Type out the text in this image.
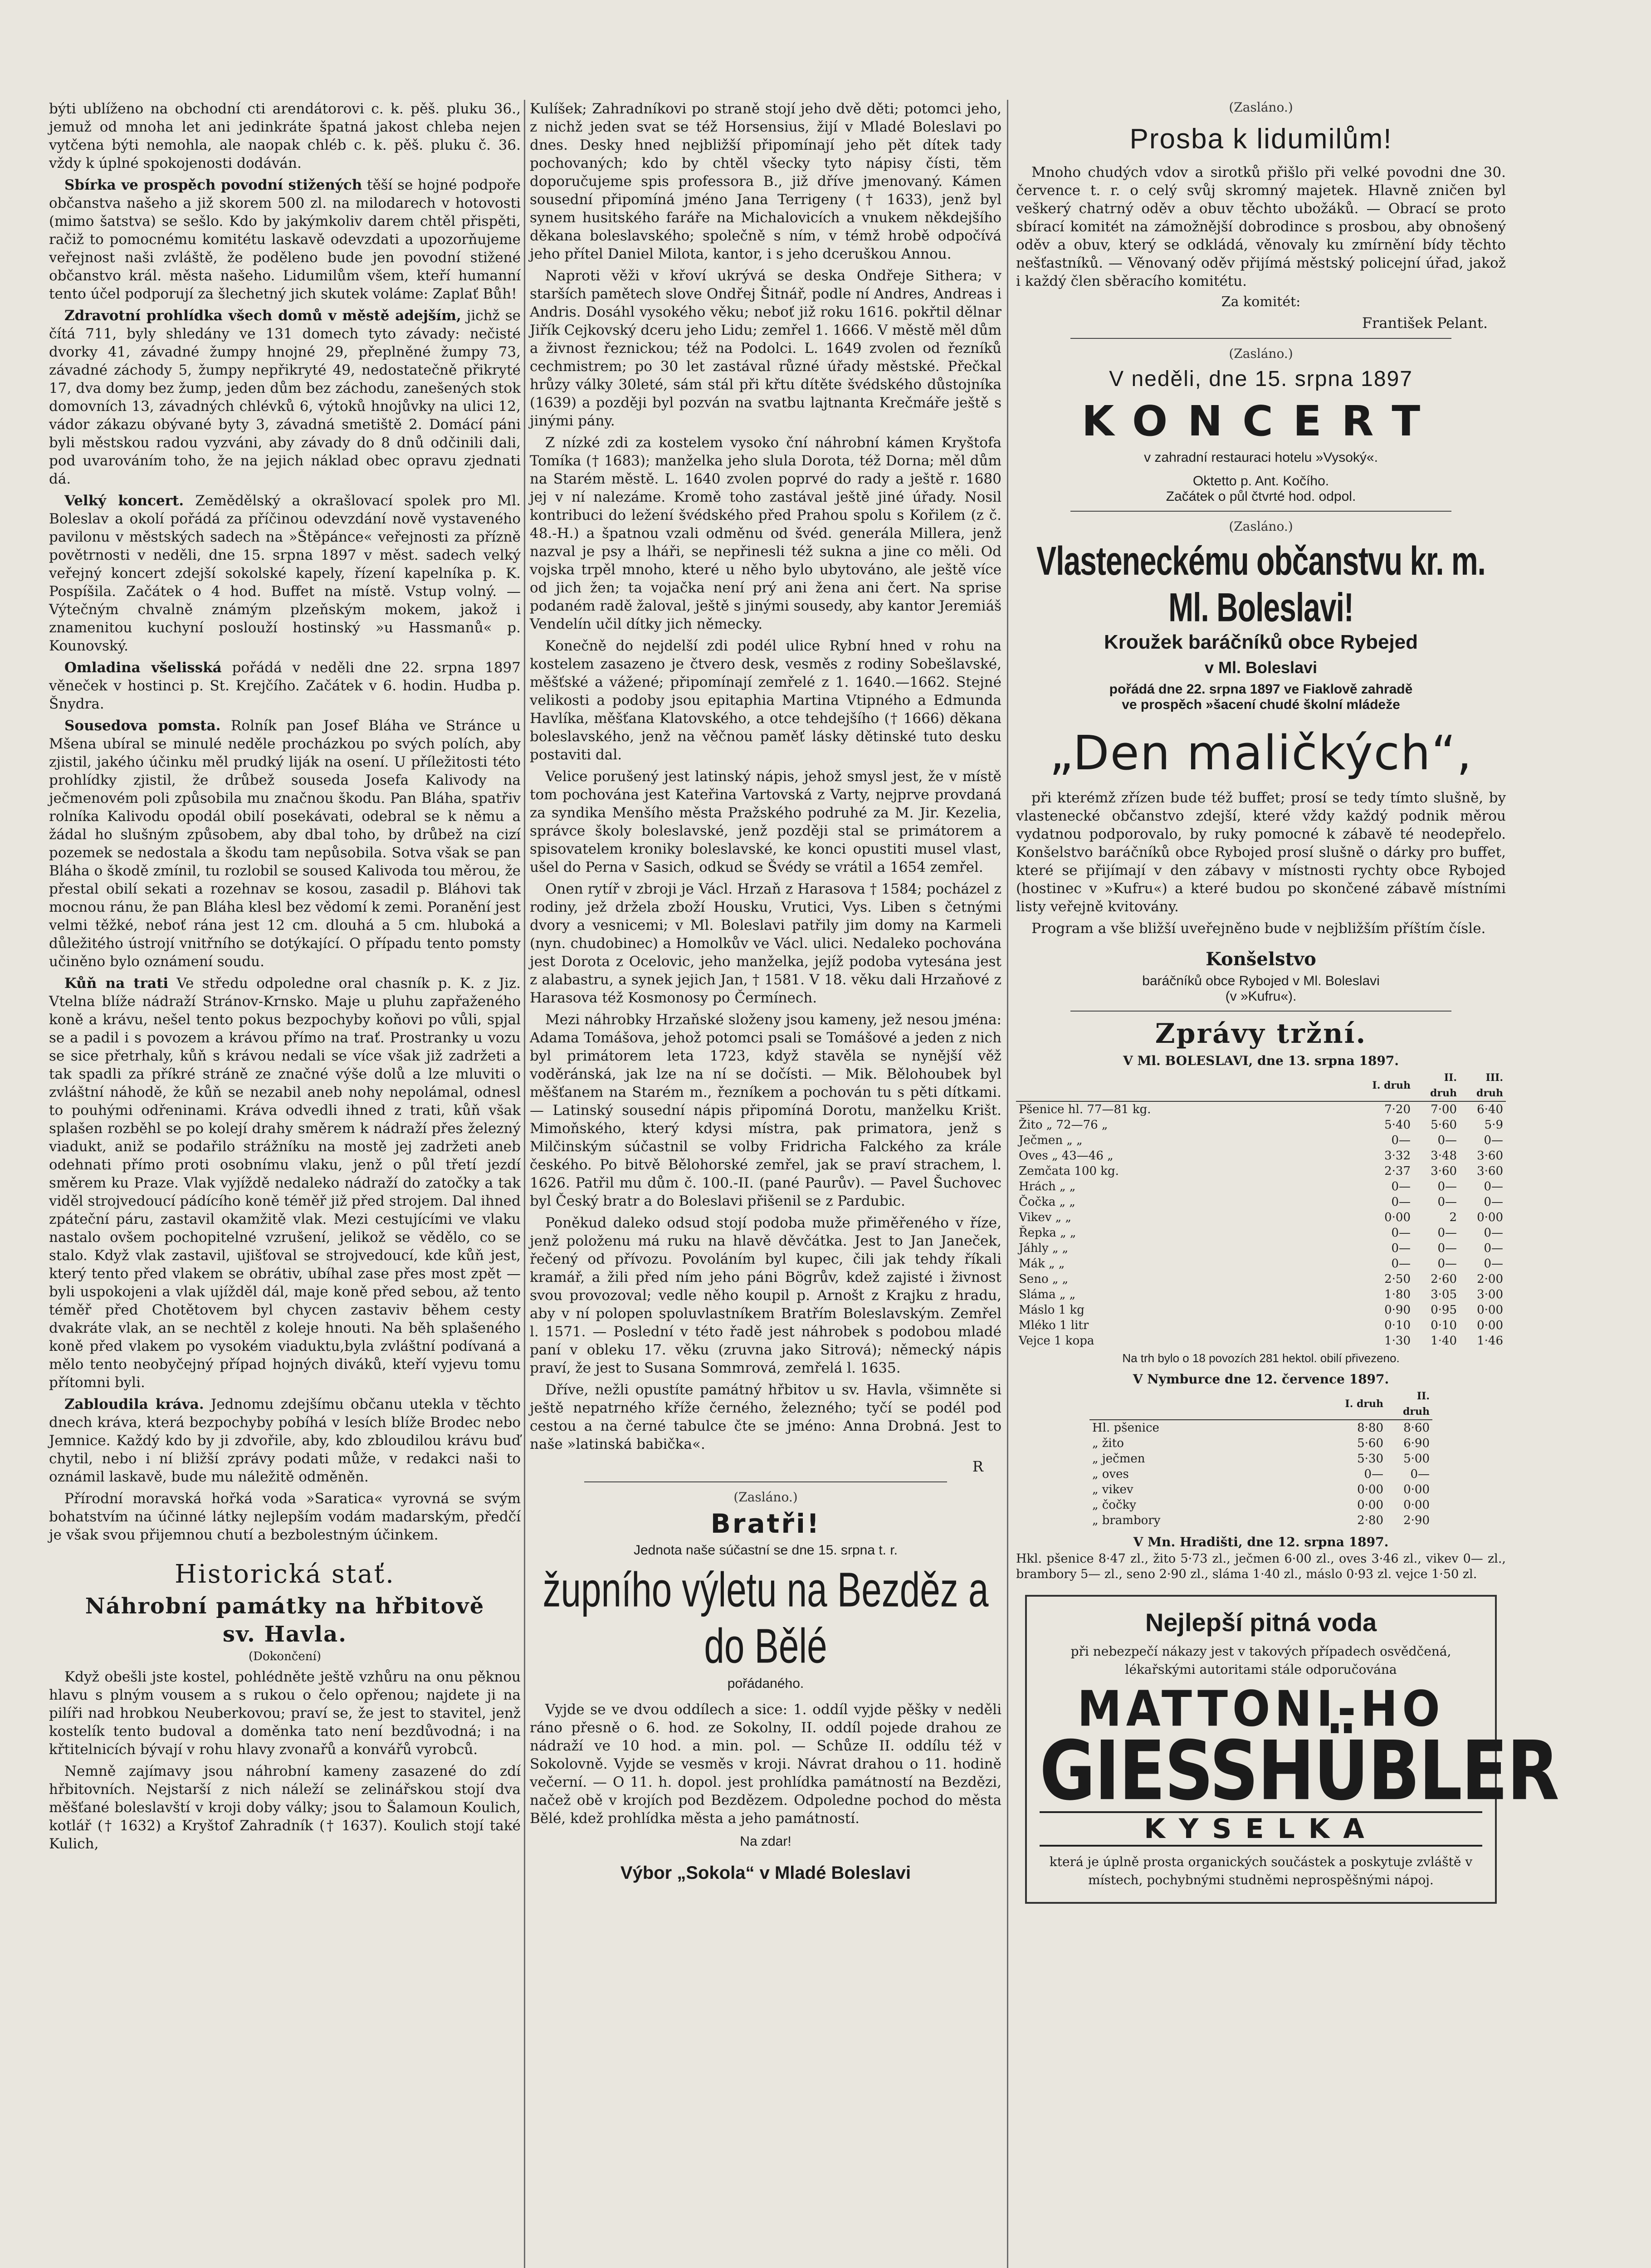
býti ublíženo na obchodní cti arendátorovi c. k. pěš. pluku 36., jemuž od mnoha let ani jedinkráte špatná jakost chleba nejen vytčena býti nemohla, ale naopak chléb c. k. pěš. pluku č. 36. vždy k úplné spokojenosti dodáván.

Sbírka ve prospěch povodní stižených těší se hojné podpoře občanstva našeho a již skorem 500 zl. na milodarech v hotovosti (mimo šatstva) se sešlo. Kdo by jakýmkoliv darem chtěl přispěti, račiž to pomocnému komitétu laskavě odevzdati a upozorňujeme veřejnost naši zvláště, že poděleno bude jen povodní stižené občanstvo král. města našeho. Lidumilům všem, kteří humanní tento účel podporují za šlechetný jich skutek voláme: Zaplať Bůh!

Zdravotní prohlídka všech domů v městě adejším, jichž se čítá 711, byly shledány ve 131 domech tyto závady: nečisté dvorky 41, závadné žumpy hnojné 29, přeplněné žumpy 73, závadné záchody 5, žumpy nepřikryté 49, nedostatečně přikryté 17, dva domy bez žump, jeden dům bez záchodu, zanešených stok domovních 13, závadných chlévků 6, výtoků hnojůvky na ulici 12, vádor zákazu obývané byty 3, závadná smetiště 2. Domácí páni byli městskou radou vyzváni, aby závady do 8 dnů odčinili dali, pod uvarováním toho, že na jejich náklad obec opravu zjednati dá.

Velký koncert. Zemědělský a okrašlovací spolek pro Ml. Boleslav a okolí pořádá za příčinou odevzdání nově vystaveného pavilonu v městských sadech na »Štěpánce« veřejnosti za přízně povětrnosti v neděli, dne 15. srpna 1897 v měst. sadech velký veřejný koncert zdejší sokolské kapely, řízení kapelníka p. K. Pospíšila. Začátek o 4 hod. Buffet na místě. Vstup volný. — Výtečným chvalně známým plzeňským mokem, jakož i znamenitou kuchyní poslouží hostinský »u Hassmanů« p. Kounovský.

Omladina všelisská pořádá v neděli dne 22. srpna 1897 věneček v hostinci p. St. Krejčího. Začátek v 6. hodin. Hudba p. Šnydra.

Sousedova pomsta. Rolník pan Josef Bláha ve Stránce u Mšena ubíral se minulé neděle procházkou po svých polích, aby zjistil, jakého účinku měl prudký liják na osení. U příležitosti této prohlídky zjistil, že drůbež souseda Josefa Kalivody na ječmenovém poli způsobila mu značnou škodu. Pan Bláha, spatřiv rolníka Kalivodu opodál obilí posekávati, odebral se k němu a žádal ho slušným způsobem, aby dbal toho, by drůbež na cizí pozemek se nedostala a škodu tam nepůsobila. Sotva však se pan Bláha o škodě zmínil, tu rozlobil se soused Kalivoda tou měrou, že přestal obilí sekati a rozehnav se kosou, zasadil p. Bláhovi tak mocnou ránu, že pan Bláha klesl bez vědomí k zemi. Poranění jest velmi těžké, neboť rána jest 12 cm. dlouhá a 5 cm. hluboká a důležitého ústrojí vnitřního se dotýkající. O případu tento pomsty učiněno bylo oznámení soudu.

Kůň na trati Ve středu odpoledne oral chasník p. K. z Jiz. Vtelna blíže nádraží Stránov-Krnsko. Maje u pluhu zapřaženého koně a krávu, nešel tento pokus bezpochyby koňovi po vůli, spjal se a padil i s povozem a krávou přímo na trať. Prostranky u vozu se sice přetrhaly, kůň s krávou nedali se více však již zadržeti a tak spadli za příkré stráně ze značné výše dolů a lze mluviti o zvláštní náhodě, že kůň se nezabil aneb nohy nepolámal, odnesl to pouhými odřeninami. Kráva odvedli ihned z trati, kůň však splašen rozběhl se po kolejí drahy směrem k nádraží přes železný viadukt, aniž se podařilo strážníku na mostě jej zadržeti aneb odehnati přímo proti osobnímu vlaku, jenž o půl třetí jezdí směrem ku Praze. Vlak vyjíždě nedaleko nádraží do zatočky a tak viděl strojvedoucí pádícího koně téměř již před strojem. Dal ihned zpáteční páru, zastavil okamžitě vlak. Mezi cestujícími ve vlaku nastalo ovšem pochopitelné vzrušení, jelikož se vědělo, co se stalo. Když vlak zastavil, ujišťoval se strojvedoucí, kde kůň jest, který tento před vlakem se obrátiv, ubíhal zase přes most zpět — byli uspokojeni a vlak ujížděl dál, maje koně před sebou, až tento téměř před Chotětovem byl chycen zastaviv během cesty dvakráte vlak, an se nechtěl z koleje hnouti. Na běh splašeného koně před vlakem po vysokém viaduktu,byla zvláštní podívaná a mělo tento neobyčejný případ hojných diváků, kteří vyjevu tomu přítomni byli.

Zabloudila kráva. Jednomu zdejšímu občanu utekla v těchto dnech kráva, která bezpochyby pobíhá v lesích blíže Brodec nebo Jemnice. Každý kdo by ji zdvořile, aby, kdo zbloudilou krávu buď chytil, nebo i ní bližší zprávy podati může, v redakci naši to oznámil laskavě, bude mu náležitě odměněn.

Přírodní moravská hořká voda »Saratica« vyrovná se svým bohatstvím na účinné látky nejlepším vodám madarským, předčí je však svou přijemnou chutí a bezbolestným účinkem.

Historická stať.
Náhrobní památky na hřbitově
sv. Havla.
(Dokončení)

Když obešli jste kostel, pohlédněte ještě vzhůru na onu pěknou hlavu s plným vousem a s rukou o čelo opřenou; najdete ji na pilíři nad hrobkou Neuberkovou; praví se, že jest to stavitel, jenž kostelík tento budoval a doměnka tato není bezdůvodná; i na křtitelnicích bývají v rohu hlavy zvonařů a konvářů vyrobců.

Nemně zajímavy jsou náhrobní kameny zasazené do zdí hřbitovních. Nejstarší z nich náleží se zelinářskou stojí dva měšťané boleslavští v kroji doby války; jsou to Šalamoun Koulich, kotlář († 1632) a Kryštof Zahradník († 1637). Koulich stojí také Kulich,

Kulíšek; Zahradníkovi po straně stojí jeho dvě děti; potomci jeho, z nichž jeden svat se též Horsensius, žijí v Mladé Boleslavi po dnes. Desky hned nejbližší připomínají jeho pět dítek tady pochovaných; kdo by chtěl všecky tyto nápisy čísti, těm doporučujeme spis professora B., již dříve jmenovaný. Kámen sousední připomíná jméno Jana Terrigeny († 1633), jenž byl synem husitského faráře na Michalovicích a vnukem někdejšího děkana boleslavského; společně s ním, v témž hrobě odpočívá jeho přítel Daniel Milota, kantor, i s jeho dceruškou Annou.

Naproti věži v křoví ukrývá se deska Ondřeje Sithera; v starších pamětech slove Ondřej Šitnář, podle ní Andres, Andreas i Andris. Dosáhl vysokého věku; neboť již roku 1616. pokřtil dělnar Jiřík Cejkovský dceru jeho Lidu; zemřel 1. 1666. V městě měl dům a živnost řeznickou; též na Podolci. L. 1649 zvolen od řezníků cechmistrem; po 30 let zastával různé úřady městské. Přečkal hrůzy války 30leté, sám stál při křtu dítěte švédského důstojníka (1639) a později byl pozván na svatbu lajtnanta Krečmáře ještě s jinými pány.

Z nízké zdi za kostelem vysoko ční náhrobní kámen Kryštofa Tomíka († 1683); manželka jeho slula Dorota, též Dorna; měl dům na Starém městě. L. 1640 zvolen poprvé do rady a ještě r. 1680 jej v ní nalezáme. Kromě toho zastával ještě jiné úřady. Nosil kontribuci do ležení švédského před Prahou spolu s Kořilem (z č. 48.-H.) a špatnou vzali odměnu od švéd. generála Millera, jenž nazval je psy a lháři, se nepřinesli též sukna a jine co měli. Od vojska trpěl mnoho, které u něho bylo ubytováno, ale ještě více od jich žen; ta vojačka není prý ani žena ani čert. Na sprise podaném radě žaloval, ještě s jinými sousedy, aby kantor Jeremiáš Vendelín učil dítky jich německy.

Konečně do nejdelší zdi podél ulice Rybní hned v rohu na kostelem zasazeno je čtvero desk, vesměs z rodiny Sobešlavské, měšťské a vážené; připomínají zemřelé z 1. 1640.—1662. Stejné velikosti a podoby jsou epitaphia Martina Vtipného a Edmunda Havlíka, měšťana Klatovského, a otce tehdejšího († 1666) děkana boleslavského, jenž na věčnou paměť lásky dětinské tuto desku postaviti dal.

Velice porušený jest latinský nápis, jehož smysl jest, že v místě tom pochována jest Kateřina Vartovská z Varty, nejprve provdaná za syndika Menšího města Pražského podruhé za M. Jir. Kezelia, správce školy boleslavské, jenž později stal se primátorem a spisovatelem kroniky boleslavské, ke konci opustiti musel vlast, ušel do Perna v Sasich, odkud se Švédy se vrátil a 1654 zemřel.

Onen rytíř v zbroji je Václ. Hrzaň z Harasova † 1584; pocházel z rodiny, jež držela zboží Housku, Vrutici, Vys. Liben s četnými dvory a vesnicemi; v Ml. Boleslavi patřily jim domy na Karmeli (nyn. chudobinec) a Homolkův ve Václ. ulici. Nedaleko pochována jest Dorota z Ocelovic, jeho manželka, jejíž podoba vytesána jest z alabastru, a synek jejich Jan, † 1581. V 18. věku dali Hrzaňové z Harasova též Kosmonosy po Čermínech.

Mezi náhrobky Hrzaňské složeny jsou kameny, jež nesou jména: Adama Tomášova, jehož potomci psali se Tomášové a jeden z nich byl primátorem leta 1723, když stavěla se nynější věž voděránská, jak lze na ní se dočísti. — Mik. Bělohoubek byl měšťanem na Starém m., řezníkem a pochován tu s pěti dítkami. — Latinský sousední nápis připomíná Dorotu, manželku Krišt. Mimoňského, který kdysi místra, pak primatora, jenž s Milčinským súčastnil se volby Fridricha Falckého za krále českého. Po bitvě Bělohorské zemřel, jak se praví strachem, l. 1626. Patřil mu dům č. 100.-II. (pané Paurův). — Pavel Šuchovec byl Český bratr a do Boleslavi přišenil se z Pardubic.

Poněkud daleko odsud stojí podoba muže přiměřeného v říze, jenž položenu má ruku na hlavě děvčátka. Jest to Jan Janeček, řečený od přívozu. Povoláním byl kupec, čili jak tehdy říkali kramář, a žili před ním jeho páni Bögrův, kdež zajisté i živnost svou provozoval; vedle něho koupil p. Arnošt z Krajku z hradu, aby v ní polopen spoluvlastníkem Bratřím Boleslavským. Zemřel l. 1571. — Poslední v této řadě jest náhrobek s podobou mladé paní v obleku 17. věku (zruvna jako Sitrová); německý nápis praví, že jest to Susana Sommrová, zemřelá l. 1635.

Dříve, nežli opustíte památný hřbitov u sv. Havla, všimněte si ještě nepatrného kříže černého, železného; tyčí se podél pod cestou a na černé tabulce čte se jméno: Anna Drobná. Jest to naše »latinská babička«.

R
(Zasláno.)
Bratři!
Jednota naše súčastní se dne 15. srpna t. r.
župního výletu na Bezděz a do Bělé
pořádaného.

Vyjde se ve dvou oddílech a sice: 1. oddíl vyjde pěšky v neděli ráno přesně o 6. hod. ze Sokolny, II. oddíl pojede drahou ze nádraží ve 10 hod. a min. pol. — Schůze II. oddílu též v Sokolovně. Vyjde se vesměs v kroji. Návrat drahou o 11. hodině večerní. — O 11. h. dopol. jest prohlídka památností na Bezdězi, načež obě v krojích pod Bezdězem. Odpoledne pochod do města Bělé, kdež prohlídka města a jeho památností.

Na zdar!
Výbor „Sokola“ v Mladé Boleslavi
(Zasláno.)
Prosba k lidumilům!

Mnoho chudých vdov a sirotků přišlo při velké povodni dne 30. července t. r. o celý svůj skromný majetek. Hlavně zničen byl veškerý chatrný oděv a obuv těchto ubožáků. — Obrací se proto sbírací komitét na zámožnější dobrodince s prosbou, aby obnošený oděv a obuv, který se odkládá, věnovaly ku zmírnění bídy těchto nešťastníků. — Věnovaný oděv přijímá městský policejní úřad, jakož i každý člen sběracího komitétu.

Za komitét:
František Pelant.
(Zasláno.)
V neděli, dne 15. srpna 1897
KONCERT
v zahradní restauraci hotelu »Vysoký«.
Oktetto p. Ant. Kočího.
Začátek o půl čtvrté hod. odpol.
(Zasláno.)
Vlasteneckému občanstvu kr. m. Ml. Boleslavi!
Kroužek baráčníků obce Rybejed
v Ml. Boleslavi
pořádá dne 22. srpna 1897 ve Fiaklově zahradě
ve prospěch »šacení chudé školní mládeže
„Den maličkých“,

při kterémž zřízen bude též buffet; prosí se tedy tímto slušně, by vlastenecké občanstvo zdejší, které vždy každý podnik měrou vydatnou podporovalo, by ruky pomocné k zábavě té neodepřelo. Konšelstvo baráčníků obce Rybojed prosí slušně o dárky pro buffet, které se přijímají v den zábavy v místnosti rychty obce Rybojed (hostinec v »Kufru«) a které budou po skončené zábavě místními listy veřejně kvitovány.

Program a vše bližší uveřejněno bude v nejbližším příštím čísle.

Konšelstvo
baráčníků obce Rybojed v Ml. Boleslavi
(v »Kufru«).
Zprávy tržní.
V Ml. BOLESLAVI, dne 13. srpna 1897.
	I. druh	II. druh	III. druh
Pšenice hl. 77—81 kg.	7·20	7·00	6·40
Žito „ 72—76 „	5·40	5·60	5·9
Ječmen „ „	0—	0—	0—
Oves „ 43—46 „	3·32	3·48	3·60
Zemčata 100 kg.	2·37	3·60	3·60
Hrách „ „	0—	0—	0—
Čočka „ „	0—	0—	0—
Vikev „ „	0·00	2	0·00
Řepka „ „	0—	0—	0—
Jáhly „ „	0—	0—	0—
Mák „ „	0—	0—	0—
Seno „ „	2·50	2·60	2·00
Sláma „ „	1·80	3·05	3·00
Máslo 1 kg	0·90	0·95	0·00
Mléko 1 litr	0·10	0·10	0·00
Vejce 1 kopa	1·30	1·40	1·46
Na trh bylo o 18 povozích 281 hektol. obilí přivezeno.
V Nymburce dne 12. července 1897.
	I. druh	II. druh
Hl. pšenice	8·80	8·60
„ žito	5·60	6·90
„ ječmen	5·30	5·00
„ oves	0—	0—
„ vikev	0·00	0·00
„ čočky	0·00	0·00
„ brambory	2·80	2·90
V Mn. Hradišti, dne 12. srpna 1897.

Hkl. pšenice 8·47 zl., žito 5·73 zl., ječmen 6·00 zl., oves 3·46 zl., vikev 0— zl., brambory 5— zl., seno 2·90 zl., sláma 1·40 zl., máslo 0·93 zl. vejce 1·50 zl.

Nejlepší pitná voda

při nebezpečí nákazy jest v takových případech osvědčená, lékařskými autoritami stále odporučována

MATTONI-HO
GIESSHÜBLER
KYSELKA

která je úplně prosta organických součástek a poskytuje zvláště v místech, pochybnými studněmi neprospěšnými nápoj.
